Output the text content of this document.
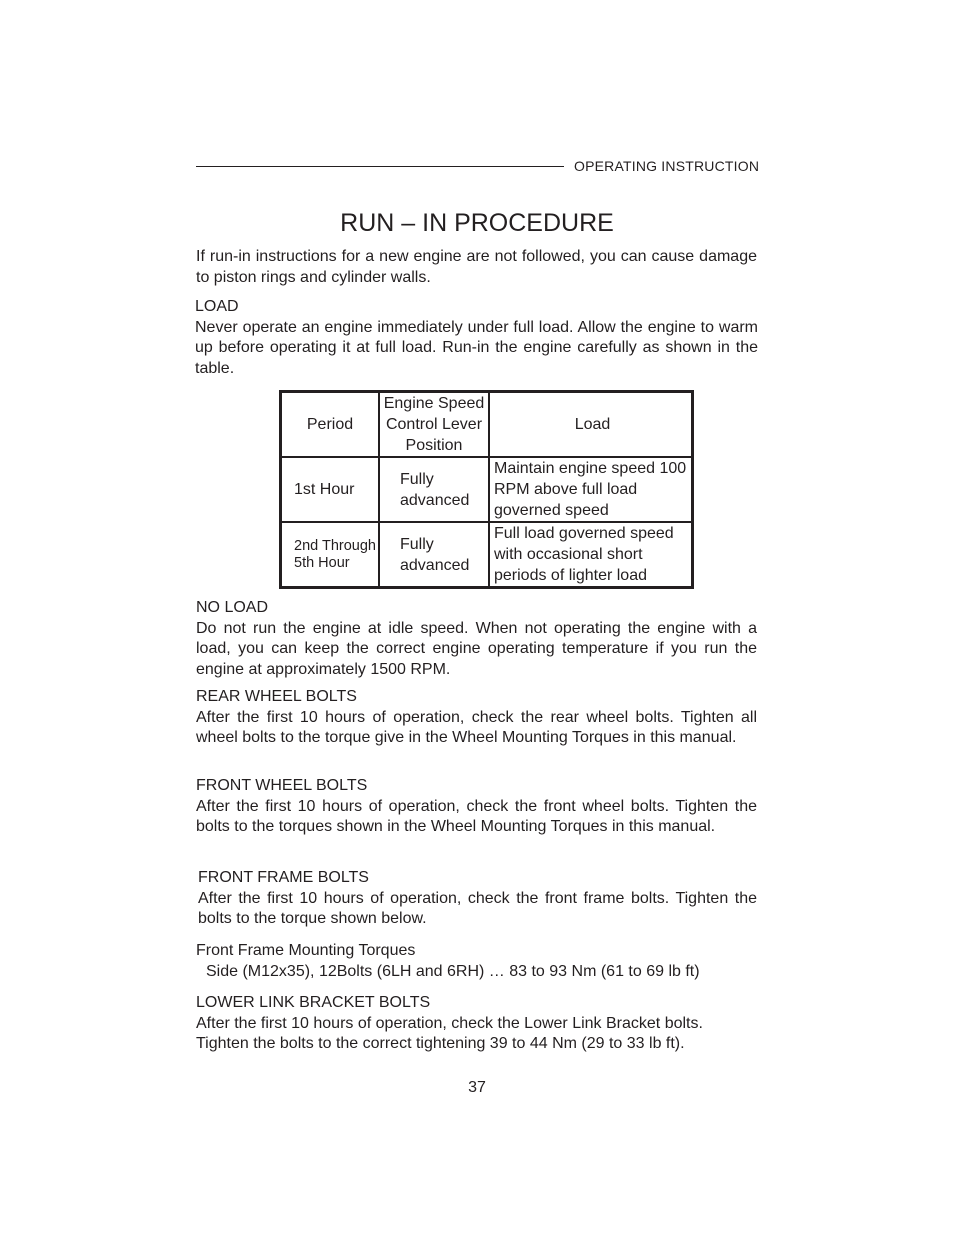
OPERATING INSTRUCTION
RUN – IN PROCEDURE

If run-in instructions for a new engine are not followed, you can cause damage to piston rings and cylinder walls.

LOAD

Never operate an engine immediately under full load. Allow the engine to warm up before operating it at full load. Run-in the engine carefully as shown in the table.

Period	Engine Speed Control Lever Position	Load
1st Hour	Fully advanced	Maintain engine speed 100 RPM above full load governed speed
2nd Through 5th Hour	Fully advanced	Full load governed speed with occasional short periods of lighter load
NO LOAD

Do not run the engine at idle speed. When not operating the engine with a load, you can keep the correct engine operating temperature if you run the engine at approximately 1500 RPM.

REAR WHEEL BOLTS

After the first 10 hours of operation, check the rear wheel bolts. Tighten all wheel bolts to the torque give in the Wheel Mounting Torques in this manual.

FRONT WHEEL BOLTS

After the first 10 hours of operation, check the front wheel bolts. Tighten the bolts to the torques shown in the Wheel Mounting Torques in this manual.

FRONT FRAME BOLTS

After the first 10 hours of operation, check the front frame bolts. Tighten the bolts to the torque shown below.

Front Frame Mounting Torques
Side (M12x35), 12Bolts (6LH and 6RH) … 83 to 93 Nm (61 to 69 lb ft)
LOWER LINK BRACKET BOLTS

After the first 10 hours of operation, check the Lower Link Bracket bolts. Tighten the bolts to the correct tightening 39 to 44 Nm (29 to 33 lb ft).

37
